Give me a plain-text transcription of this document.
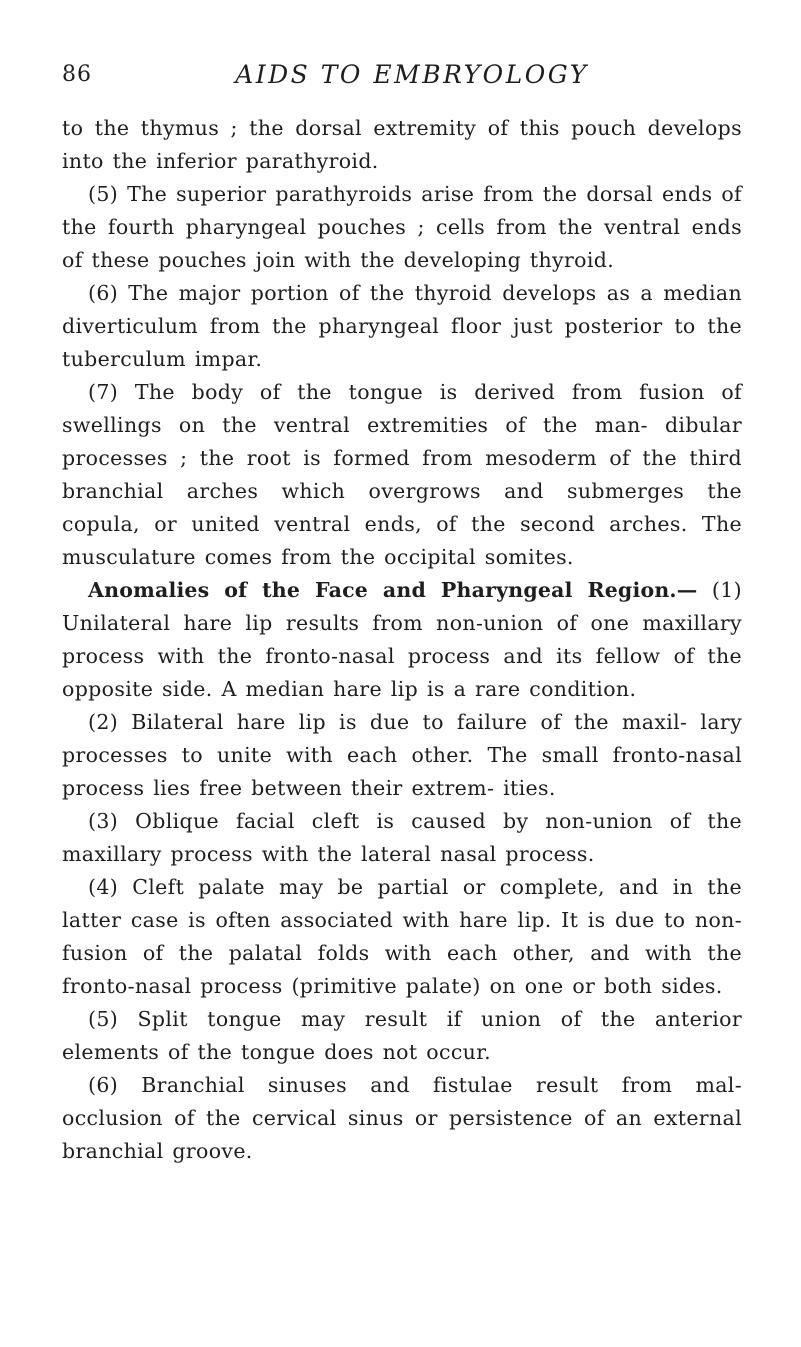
86	AIDS TO EMBRYOLOGY

to the thymus ; the dorsal extremity of this pouch develops into the inferior parathyroid.

(5) The superior parathyroids arise from the dorsal ends of the fourth pharyngeal pouches ; cells from the ventral ends of these pouches join with the developing thyroid.

(6) The major portion of the thyroid develops as a median diverticulum from the pharyngeal floor just posterior to the tuberculum impar.

(7) The body of the tongue is derived from fusion of swellings on the ventral extremities of the man- dibular processes ; the root is formed from mesoderm of the third branchial arches which overgrows and submerges the copula, or united ventral ends, of the second arches. The musculature comes from the occipital somites.

Anomalies of the Face and Pharyngeal Region.— (1) Unilateral hare lip results from non-union of one maxillary process with the fronto-nasal process and its fellow of the opposite side. A median hare lip is a rare condition.

(2) Bilateral hare lip is due to failure of the maxil- lary processes to unite with each other. The small fronto-nasal process lies free between their extrem- ities.

(3) Oblique facial cleft is caused by non-union of the maxillary process with the lateral nasal process.

(4) Cleft palate may be partial or complete, and in the latter case is often associated with hare lip. It is due to non-fusion of the palatal folds with each other, and with the fronto-nasal process (primitive palate) on one or both sides.

(5) Split tongue may result if union of the anterior elements of the tongue does not occur.

(6) Branchial sinuses and fistulae result from mal- occlusion of the cervical sinus or persistence of an external branchial groove.
